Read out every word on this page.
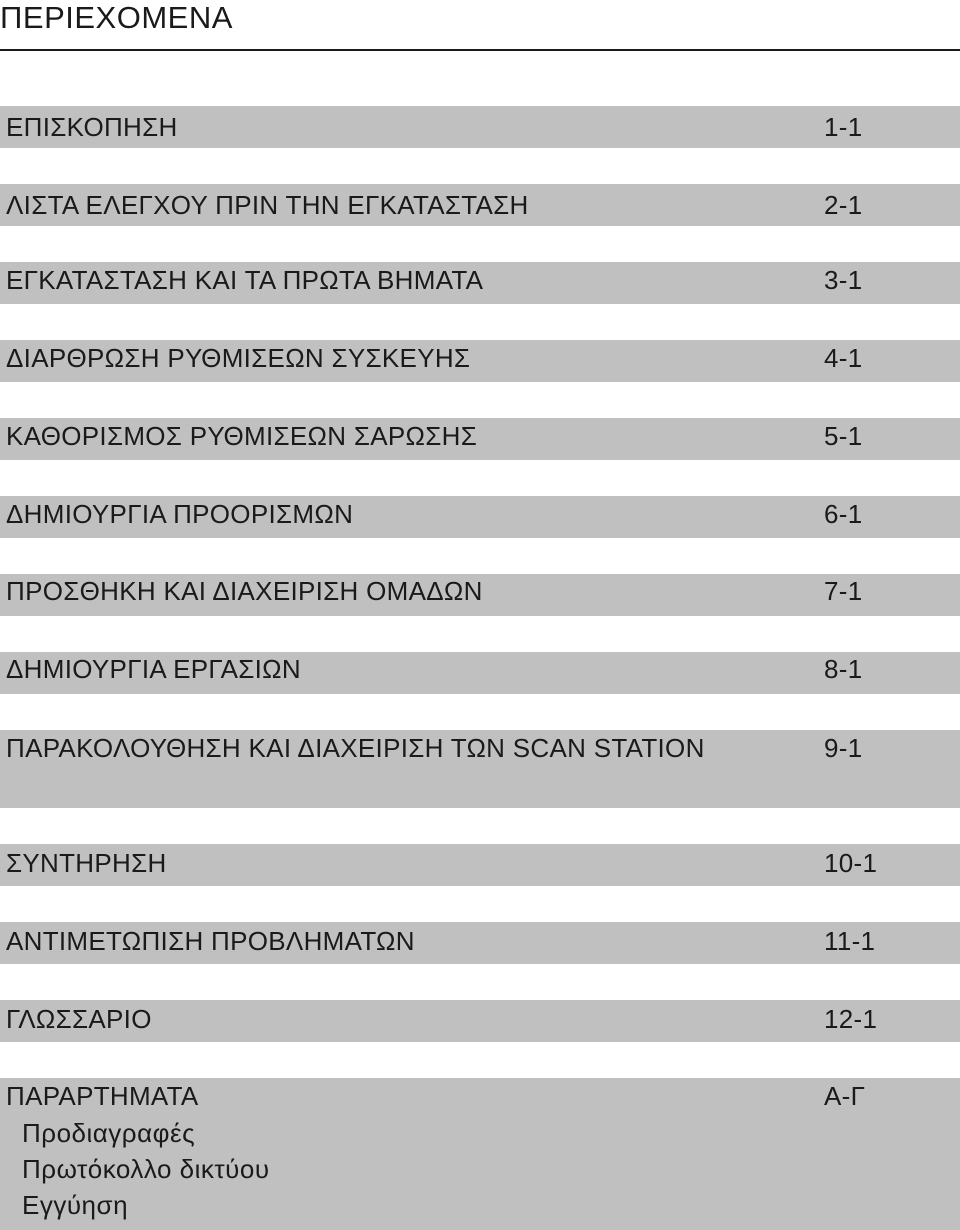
ΠΕΡΙΕΧΟΜΕΝΑ
ΕΠΙΣΚΟΠΗΣΗ	1-1
ΛΙΣΤΑ ΕΛΕΓΧΟΥ ΠΡΙΝ ΤΗΝ ΕΓΚΑΤΑΣΤΑΣΗ	2-1
ΕΓΚΑΤΑΣΤΑΣΗ ΚΑΙ ΤΑ ΠΡΩΤΑ ΒΗΜΑΤΑ	3-1
ΔΙΑΡΘΡΩΣΗ ΡΥΘΜΙΣΕΩΝ ΣΥΣΚΕΥΗΣ	4-1
ΚΑΘΟΡΙΣΜΟΣ ΡΥΘΜΙΣΕΩΝ ΣΑΡΩΣΗΣ	5-1
ΔΗΜΙΟΥΡΓΙΑ ΠΡΟΟΡΙΣΜΩΝ	6-1
ΠΡΟΣΘΗΚΗ ΚΑΙ ΔΙΑΧΕΙΡΙΣΗ ΟΜΑΔΩΝ	7-1
ΔΗΜΙΟΥΡΓΙΑ ΕΡΓΑΣΙΩΝ	8-1
ΠΑΡΑΚΟΛΟΥΘΗΣΗ ΚΑΙ ΔΙΑΧΕΙΡΙΣΗ ΤΩΝ SCAN STATION	9-1
ΣΥΝΤΗΡΗΣΗ	10-1
ΑΝΤΙΜΕΤΩΠΙΣΗ ΠΡΟΒΛΗΜΑΤΩΝ	11-1
ΓΛΩΣΣΑΡΙΟ	12-1
ΠΑΡΑΡΤΗΜΑΤΑ	Α-Γ
Προδιαγραφές
Πρωτόκολλο δικτύου
Εγγύηση
